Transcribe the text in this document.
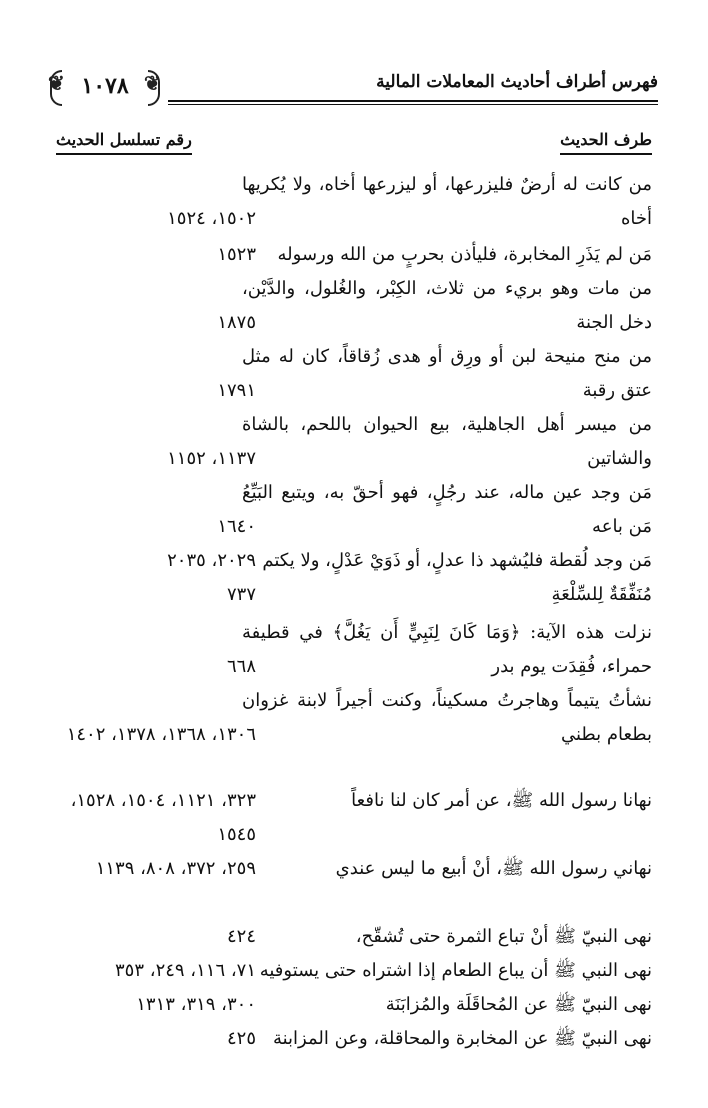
❦ ١٠٧٨ ❦	فهرس أطراف أحاديث المعاملات المالية
طرف الحديث
رقم تسلسل الحديث
من كانت له أرضٌ فليزرعها، أو ليزرعها أخاه، ولا يُكريها أخاه
١٥٠٢، ١٥٢٤
مَن لم يَذَرِ المخابرة، فليأذن بحربٍ من الله ورسوله
١٥٢٣
من مات وهو بريء من ثلاث، الكِبْر، والغُلول، والدَّيْن، دخل الجنة
١٨٧٥
من منح منيحة لبن أو ورِق أو هدى زُقاقاً، كان له مثل عتق رقبة
١٧٩١
من ميسر أهل الجاهلية، بيع الحيوان باللحم، بالشاة والشاتين
١١٣٧، ١١٥٢
مَن وجد عين ماله، عند رجُلٍ، فهو أحقّ به، ويتبع البَيِّعُ مَن باعه
١٦٤٠
مَن وجد لُقطة فليُشهد ذا عدلٍ، أو ذَوَيْ عَدْلٍ، ولا يكتم
٢٠٢٩، ٢٠٣٥
مُنَفِّقَةٌ لِلسِّلْعَةِ
٧٣٧
نزلت هذه الآية: ﴿وَمَا كَانَ لِنَبِيٍّ أَن يَغُلَّ﴾ في قطيفة حمراء، فُقِدَت يوم بدر
٦٦٨
نشأتُ يتيماً وهاجرتُ مسكيناً، وكنت أجيراً لابنة غزوان بطعام بطني
١٣٠٦، ١٣٦٨، ١٣٧٨، ١٤٠٢
نهانا رسول الله ﷺ، عن أمر كان لنا نافعاً
٣٢٣، ١١٢١، ١٥٠٤، ١٥٢٨، ١٥٤٥
نهاني رسول الله ﷺ، أنْ أبيع ما ليس عندي
٢٥٩، ٣٧٢، ٨٠٨، ١١٣٩
نهى النبيّ ﷺ أنْ تباع الثمرة حتى تُشقّح،
٤٢٤
نهى النبي ﷺ أن يباع الطعام إذا اشتراه حتى يستوفيه
٧١، ١١٦، ٢٤٩، ٣٥٣
نهى النبيّ ﷺ عن المُحاقَلَة والمُزابَنَة
٣٠٠، ٣١٩، ١٣١٣
نهى النبيّ ﷺ عن المخابرة والمحاقلة، وعن المزابنة
٤٢٥
